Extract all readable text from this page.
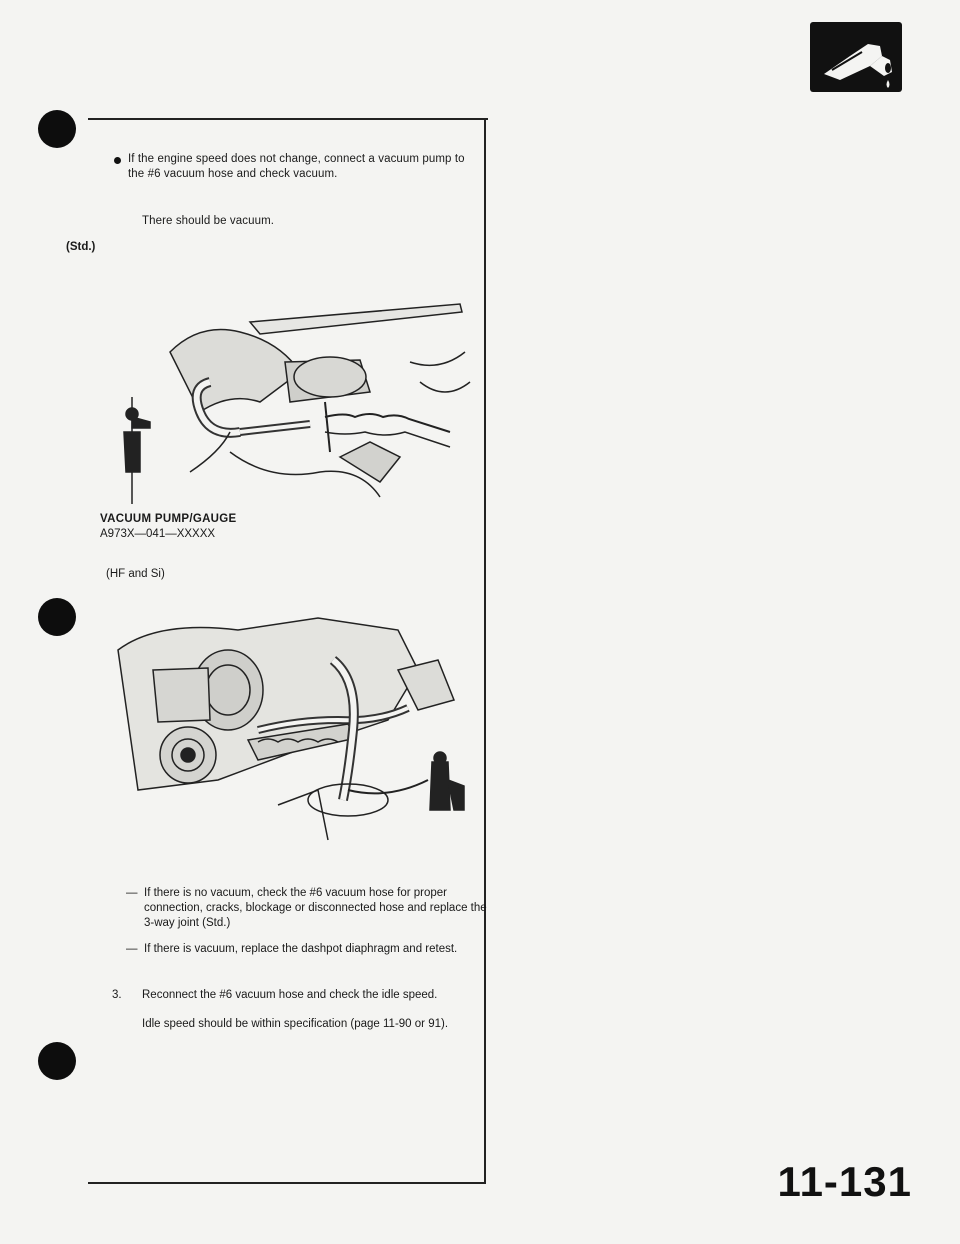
If the engine speed does not change, connect a vacuum pump to the #6 vacuum hose and check vacuum.
There should be vacuum.
(Std.)
VACUUM PUMP/GAUGE
A973X—041—XXXXX
(HF and Si)
— If there is no vacuum, check the #6 vacuum hose for proper connection, cracks, blockage or disconnected hose and replace the 3-way joint (Std.)
— If there is vacuum, replace the dashpot diaphragm and retest.
3. Reconnect the #6 vacuum hose and check the idle speed.
Idle speed should be within specification (page 11-90 or 91).
11-131
